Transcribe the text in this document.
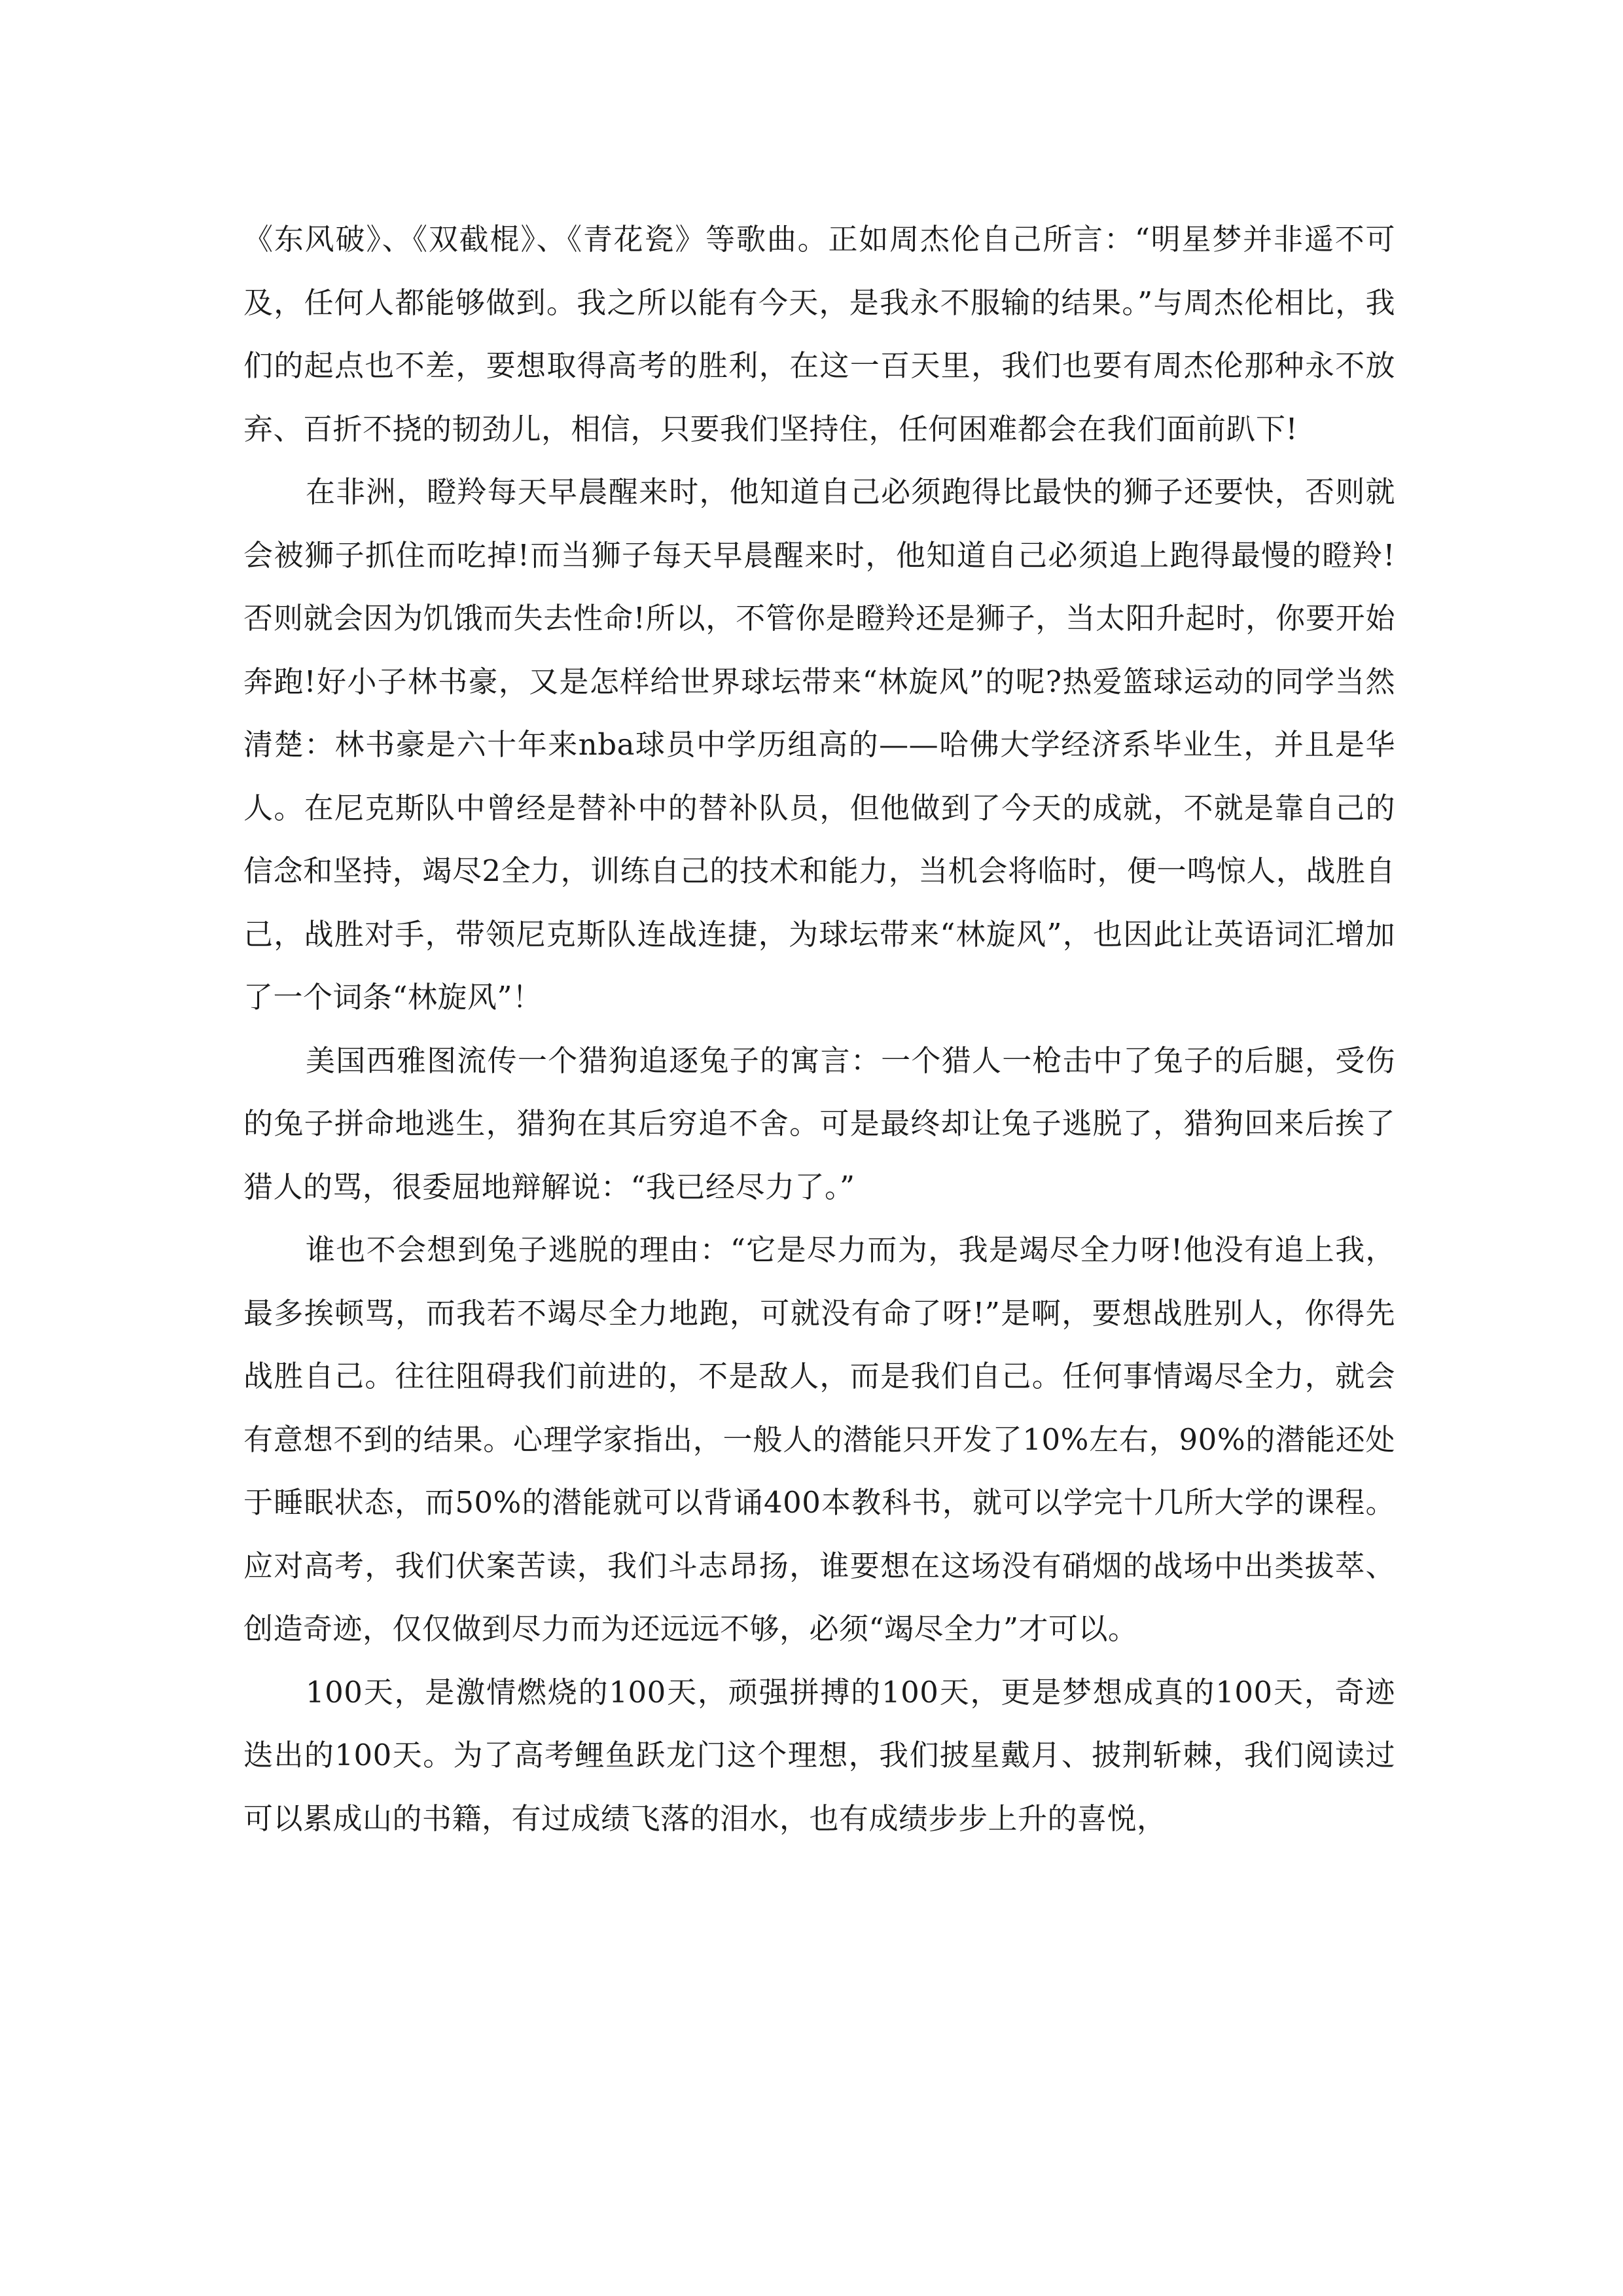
《东风破》、《双截棍》、《青花瓷》等歌曲。正如周杰伦自己所言：“明星梦并非遥不可及，任何人都能够做到。我之所以能有今天，是我永不服输的结果。”与周杰伦相比，我们的起点也不差，要想取得高考的胜利，在这一百天里，我们也要有周杰伦那种永不放弃、百折不挠的韧劲儿，相信，只要我们坚持住，任何困难都会在我们面前趴下!

在非洲，瞪羚每天早晨醒来时，他知道自己必须跑得比最快的狮子还要快，否则就会被狮子抓住而吃掉!而当狮子每天早晨醒来时，他知道自己必须追上跑得最慢的瞪羚!否则就会因为饥饿而失去性命!所以，不管你是瞪羚还是狮子，当太阳升起时，你要开始奔跑!好小子林书豪，又是怎样给世界球坛带来“林旋风”的呢?热爱篮球运动的同学当然清楚：林书豪是六十年来nba球员中学历组高的——哈佛大学经济系毕业生，并且是华人。在尼克斯队中曾经是替补中的替补队员，但他做到了今天的成就，不就是靠自己的信念和坚持，竭尽2全力，训练自己的技术和能力，当机会将临时，便一鸣惊人，战胜自己，战胜对手，带领尼克斯队连战连捷，为球坛带来“林旋风”，也因此让英语词汇增加了一个词条“林旋风”！

美国西雅图流传一个猎狗追逐兔子的寓言：一个猎人一枪击中了兔子的后腿，受伤的兔子拼命地逃生，猎狗在其后穷追不舍。可是最终却让兔子逃脱了，猎狗回来后挨了猎人的骂，很委屈地辩解说：“我已经尽力了。”

谁也不会想到兔子逃脱的理由：“它是尽力而为，我是竭尽全力呀!他没有追上我，最多挨顿骂，而我若不竭尽全力地跑，可就没有命了呀!”是啊，要想战胜别人，你得先战胜自己。往往阻碍我们前进的，不是敌人，而是我们自己。任何事情竭尽全力，就会有意想不到的结果。心理学家指出，一般人的潜能只开发了10%左右，90%的潜能还处于睡眠状态，而50%的潜能就可以背诵400本教科书，就可以学完十几所大学的课程。应对高考，我们伏案苦读，我们斗志昂扬，谁要想在这场没有硝烟的战场中出类拔萃、创造奇迹，仅仅做到尽力而为还远远不够，必须“竭尽全力”才可以。

100天，是激情燃烧的100天，顽强拼搏的100天，更是梦想成真的100天，奇迹迭出的100天。为了高考鲤鱼跃龙门这个理想，我们披星戴月、披荆斩棘，我们阅读过可以累成山的书籍，有过成绩飞落的泪水，也有成绩步步上升的喜悦，
